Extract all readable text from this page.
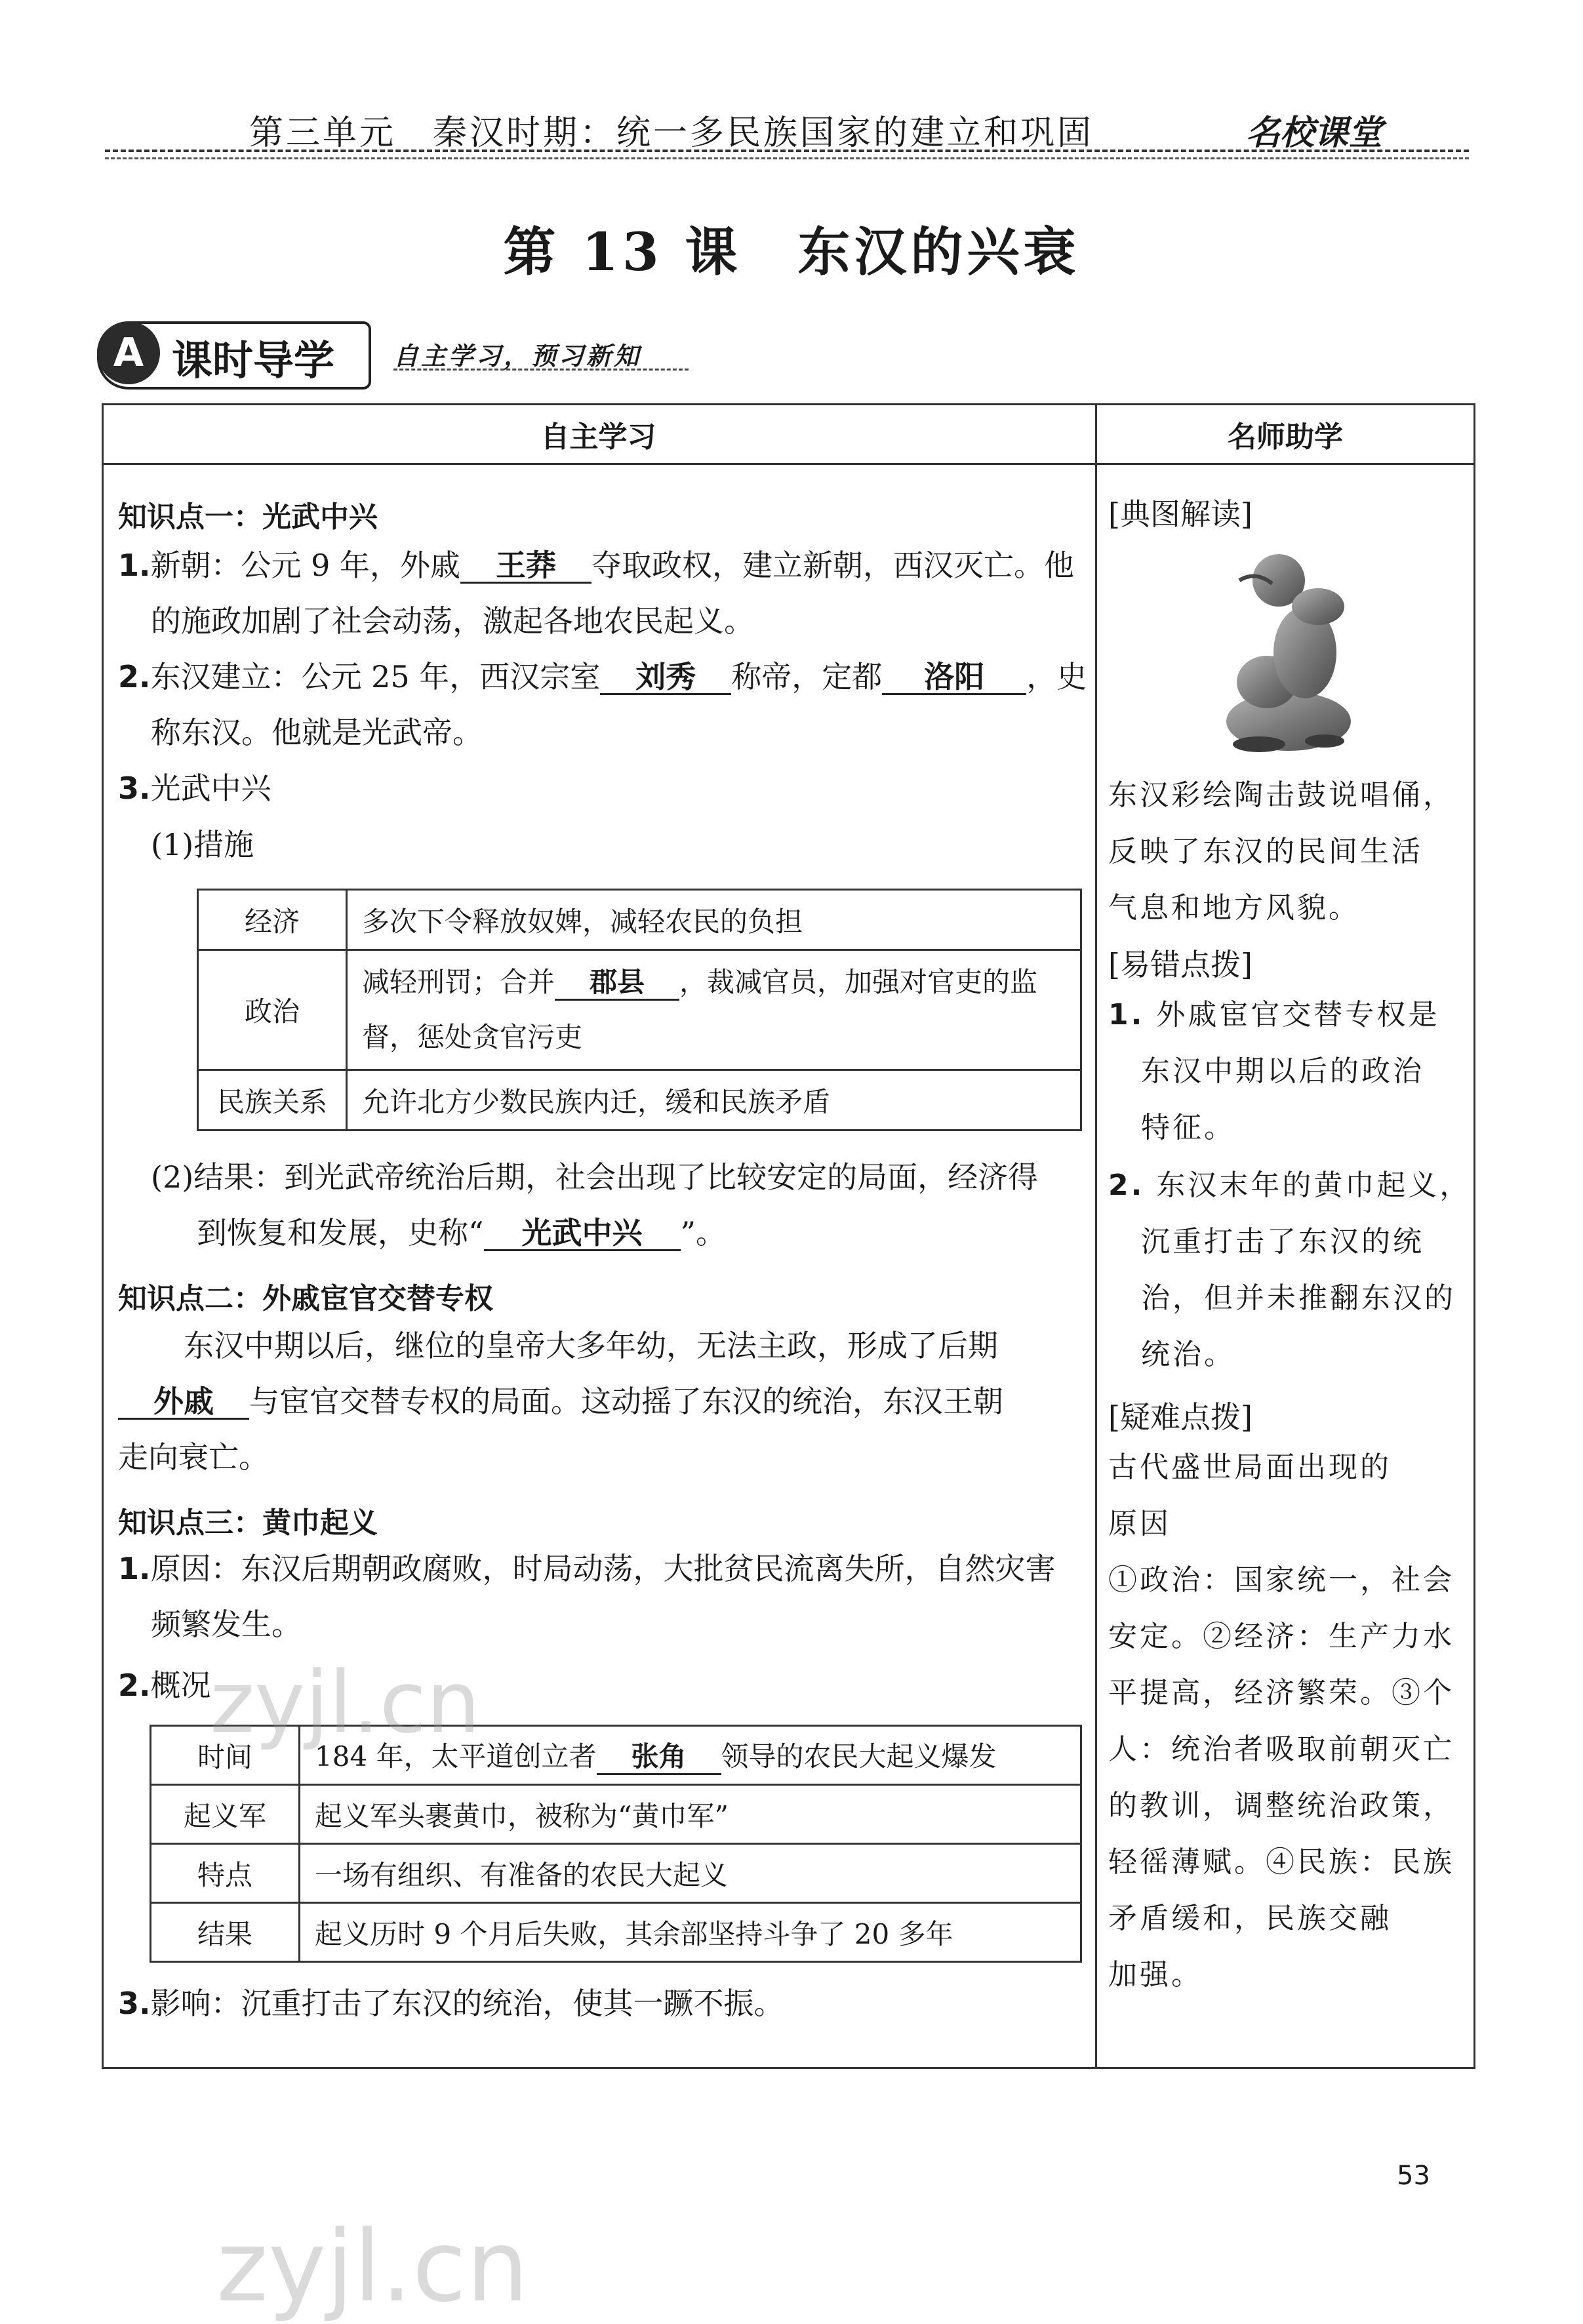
第三单元　秦汉时期：统一多民族国家的建立和巩固	名校课堂
第 13 课　东汉的兴衰
A 课时导学 自主学习，预习新知
自主学习	名师助学
知识点一：光武中兴
1.新朝：公元 9 年，外戚 王莽 夺取政权，建立新朝，西汉灭亡。他
的施政加剧了社会动荡，激起各地农民起义。
2.东汉建立：公元 25 年，西汉宗室 刘秀 称帝，定都 洛阳 ，史
称东汉。他就是光武帝。
3.光武中兴
(1)措施
经济	多次下令释放奴婢，减轻农民的负担
政治	减轻刑罚；合并 郡县 ，裁减官员，加强对官吏的监
督，惩处贪官污吏
民族关系	允许北方少数民族内迁，缓和民族矛盾
(2)结果：到光武帝统治后期，社会出现了比较安定的局面，经济得
到恢复和发展，史称“ 光武中兴 ”。
知识点二：外戚宦官交替专权
东汉中期以后，继位的皇帝大多年幼，无法主政，形成了后期
外戚 与宦官交替专权的局面。这动摇了东汉的统治，东汉王朝
走向衰亡。
知识点三：黄巾起义
1.原因：东汉后期朝政腐败，时局动荡，大批贫民流离失所，自然灾害
频繁发生。
2.概况
时间	184 年，太平道创立者 张角 领导的农民大起义爆发
起义军	起义军头裹黄巾，被称为“黄巾军”
特点	一场有组织、有准备的农民大起义
结果	起义历时 9 个月后失败，其余部坚持斗争了 20 多年
3.影响：沉重打击了东汉的统治，使其一蹶不振。
[典图解读]
东汉彩绘陶击鼓说唱俑，
反映了东汉的民间生活
气息和地方风貌。
[易错点拨]
1. 外戚宦官交替专权是
东汉中期以后的政治
特征。
2. 东汉末年的黄巾起义，
沉重打击了东汉的统
治，但并未推翻东汉的
统治。
[疑难点拨]
古代盛世局面出现的
原因
①政治：国家统一，社会
安定。②经济：生产力水
平提高，经济繁荣。③个
人：统治者吸取前朝灭亡
的教训，调整统治政策，
轻徭薄赋。④民族：民族
矛盾缓和，民族交融
加强。
zyjl.cn
zyjl.cn
53
